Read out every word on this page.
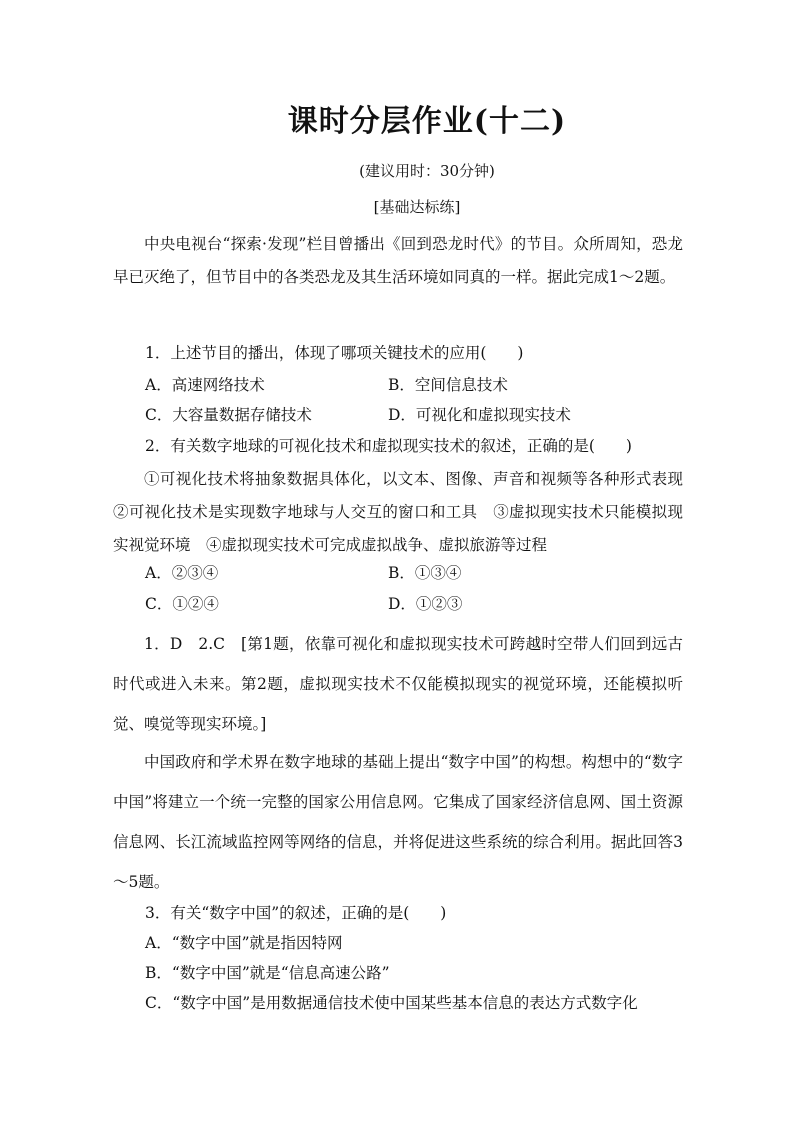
课时分层作业(十二)
(建议用时：30分钟)
[基础达标练]

中央电视台“探索·发现”栏目曾播出《回到恐龙时代》的节目。众所周知，恐龙早已灭绝了，但节目中的各类恐龙及其生活环境如同真的一样。据此完成1～2题。

1．上述节目的播出，体现了哪项关键技术的应用(　　)
A．高速网络技术	B．空间信息技术
C．大容量数据存储技术	D．可视化和虚拟现实技术
2．有关数字地球的可视化技术和虚拟现实技术的叙述，正确的是(　　)

①可视化技术将抽象数据具体化，以文本、图像、声音和视频等各种形式表现　②可视化技术是实现数字地球与人交互的窗口和工具　③虚拟现实技术只能模拟现实视觉环境　④虚拟现实技术可完成虚拟战争、虚拟旅游等过程

A．②③④	B．①③④
C．①②④	D．①②③

1．D　2.C　[第1题，依靠可视化和虚拟现实技术可跨越时空带人们回到远古时代或进入未来。第2题，虚拟现实技术不仅能模拟现实的视觉环境，还能模拟听觉、嗅觉等现实环境。]

中国政府和学术界在数字地球的基础上提出“数字中国”的构想。构想中的“数字中国”将建立一个统一完整的国家公用信息网。它集成了国家经济信息网、国土资源信息网、长江流域监控网等网络的信息，并将促进这些系统的综合利用。据此回答3～5题。

3．有关“数字中国”的叙述，正确的是(　　)
A．“数字中国”就是指因特网
B．“数字中国”就是“信息高速公路”
C．“数字中国”是用数据通信技术使中国某些基本信息的表达方式数字化
